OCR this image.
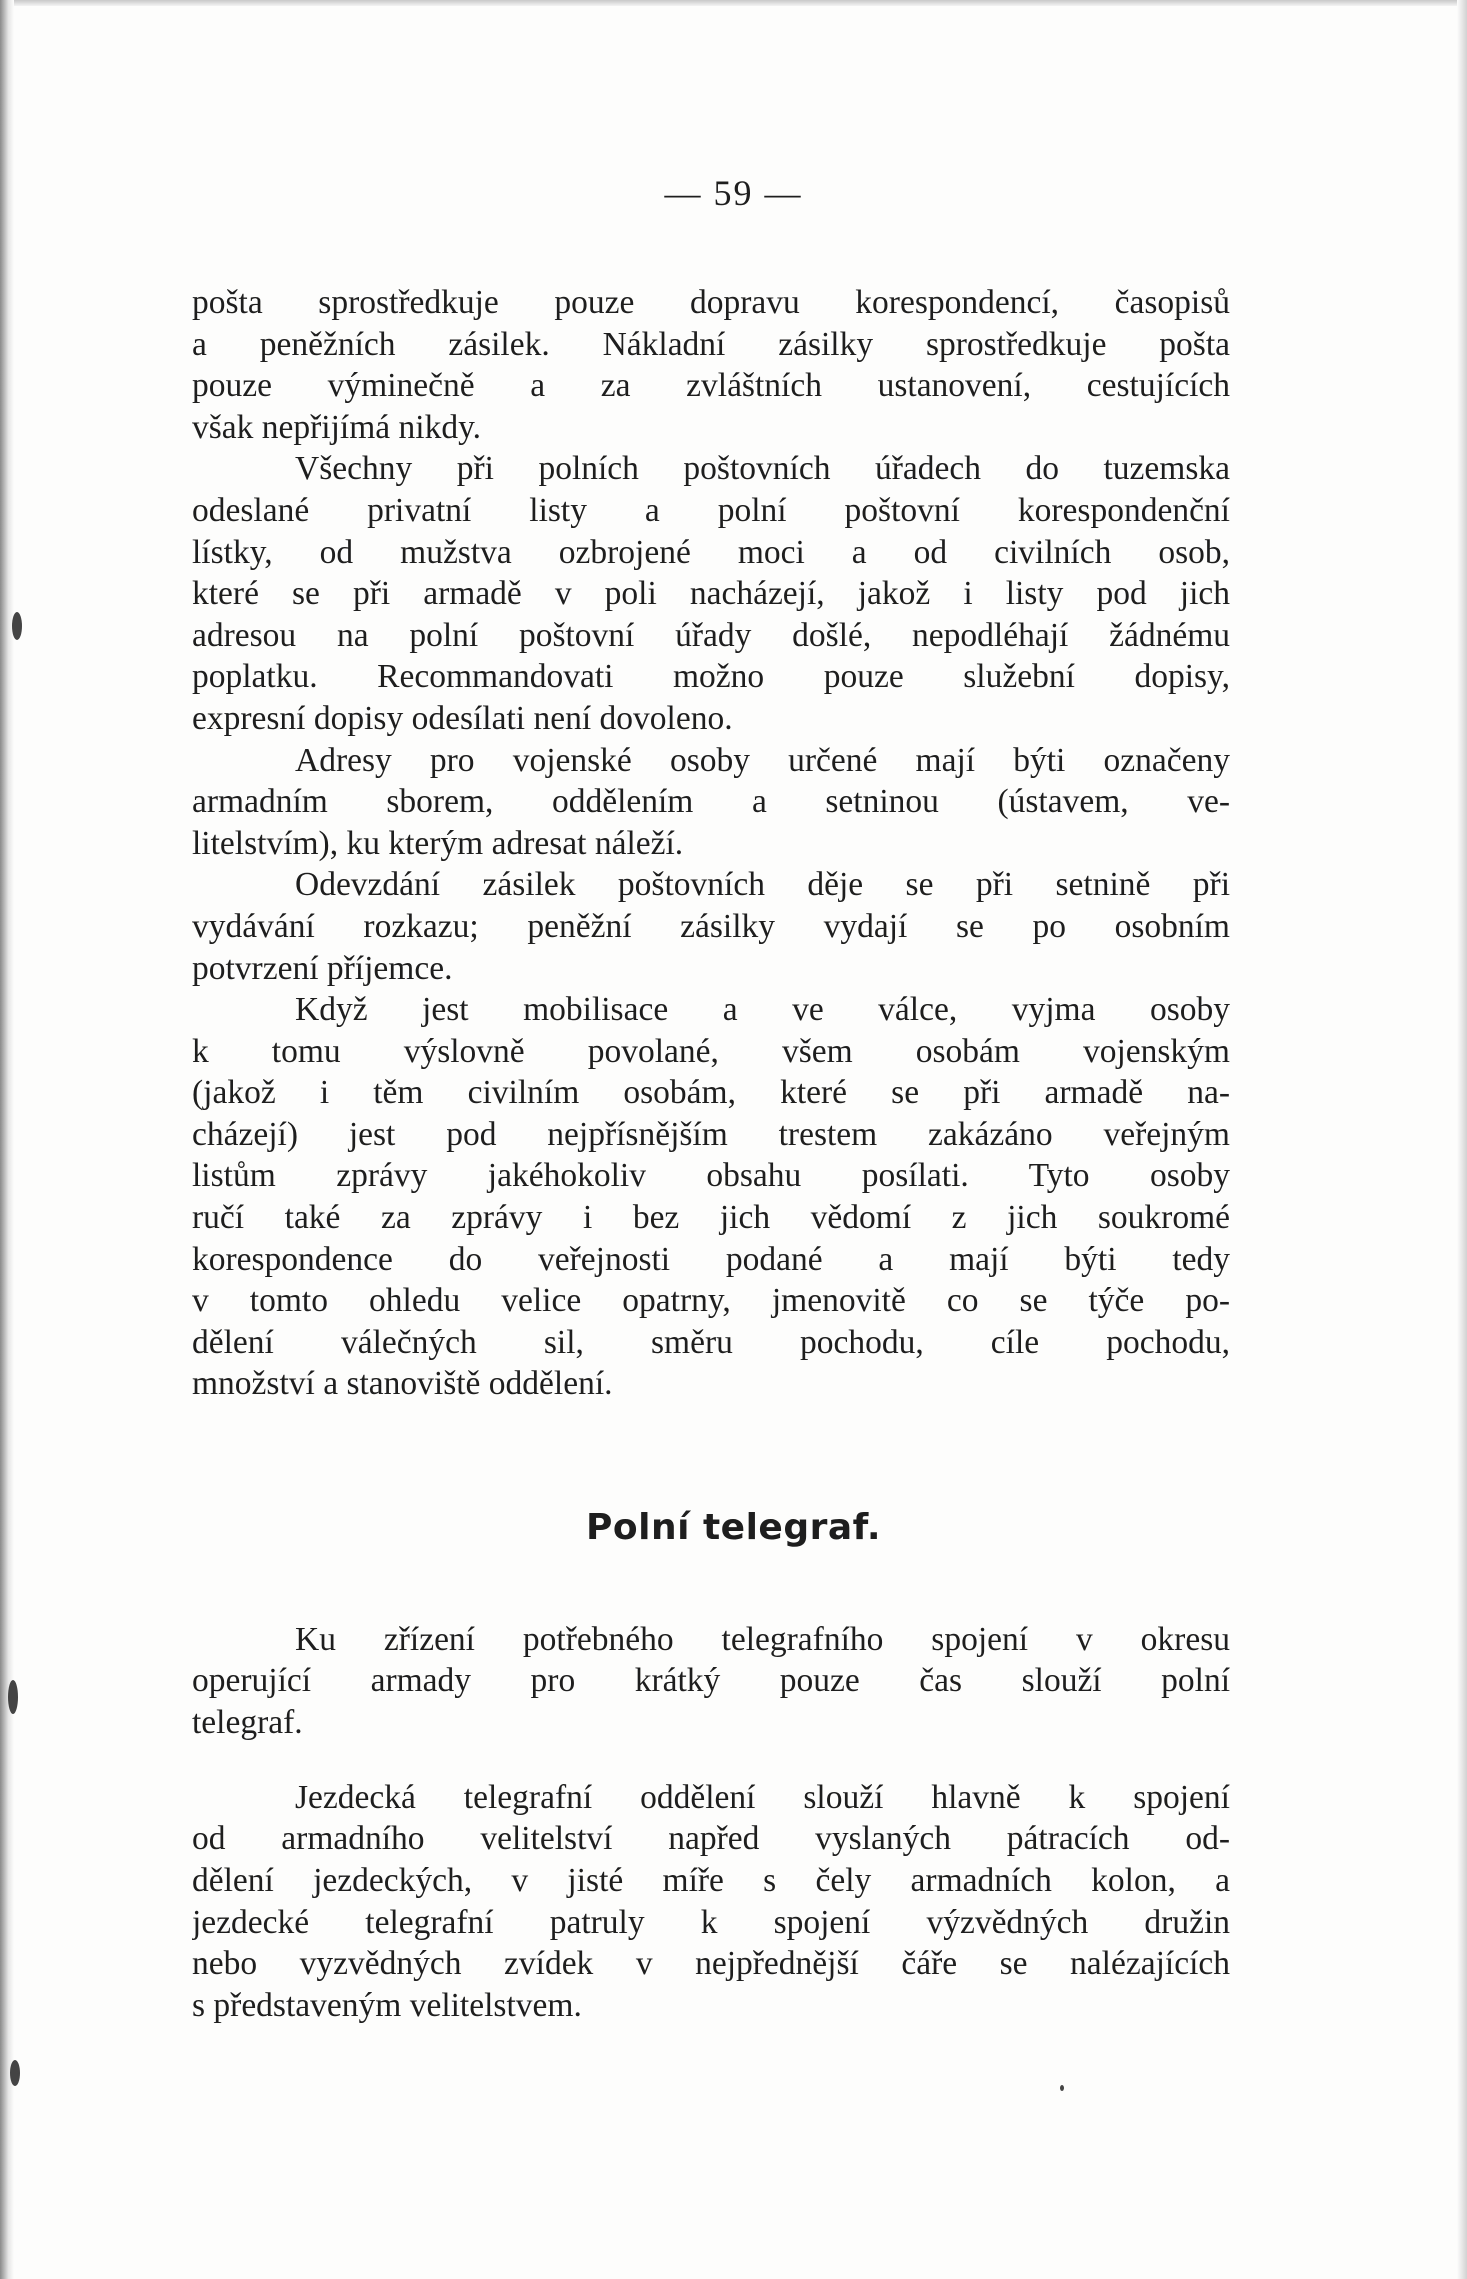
— 59 —

pošta sprostředkuje pouze dopravu korespondencí, časopisů
a peněžních zásilek. Nákladní zásilky sprostředkuje pošta
pouze výminečně a za zvláštních ustanovení, cestujících
však nepřijímá nikdy.

Všechny při polních poštovních úřadech do tuzemska
odeslané privatní listy a polní poštovní korespondenční
lístky, od mužstva ozbrojené moci a od civilních osob,
které se při armadě v poli nacházejí, jakož i listy pod jich
adresou na polní poštovní úřady došlé, nepodléhají žádnému
poplatku. Recommandovati možno pouze služební dopisy,
expresní dopisy odesílati není dovoleno.

Adresy pro vojenské osoby určené mají býti označeny
armadním sborem, oddělením a setninou (ústavem, ve-
litelstvím), ku kterým adresat náleží.

Odevzdání zásilek poštovních děje se při setnině při
vydávání rozkazu; peněžní zásilky vydají se po osobním
potvrzení příjemce.

Když jest mobilisace a ve válce, vyjma osoby
k tomu výslovně povolané, všem osobám vojenským
(jakož i těm civilním osobám, které se při armadě na-
cházejí) jest pod nejpřísnějším trestem zakázáno veřejným
listům zprávy jakéhokoliv obsahu posílati. Tyto osoby
ručí také za zprávy i bez jich vědomí z jich soukromé
korespondence do veřejnosti podané a mají býti tedy
v tomto ohledu velice opatrny, jmenovitě co se týče po-
dělení válečných sil, směru pochodu, cíle pochodu,
množství a stanoviště oddělení.

Polní telegraf.

Ku zřízení potřebného telegrafního spojení v okresu
operující armady pro krátký pouze čas slouží polní
telegraf.

Jezdecká telegrafní oddělení slouží hlavně k spojení
od armadního velitelství napřed vyslaných pátracích od-
dělení jezdeckých, v jisté míře s čely armadních kolon, a
jezdecké telegrafní patruly k spojení výzvědných družin
nebo vyzvědných zvídek v nejpřednější čáře se nalézajících
s představeným velitelstvem.
